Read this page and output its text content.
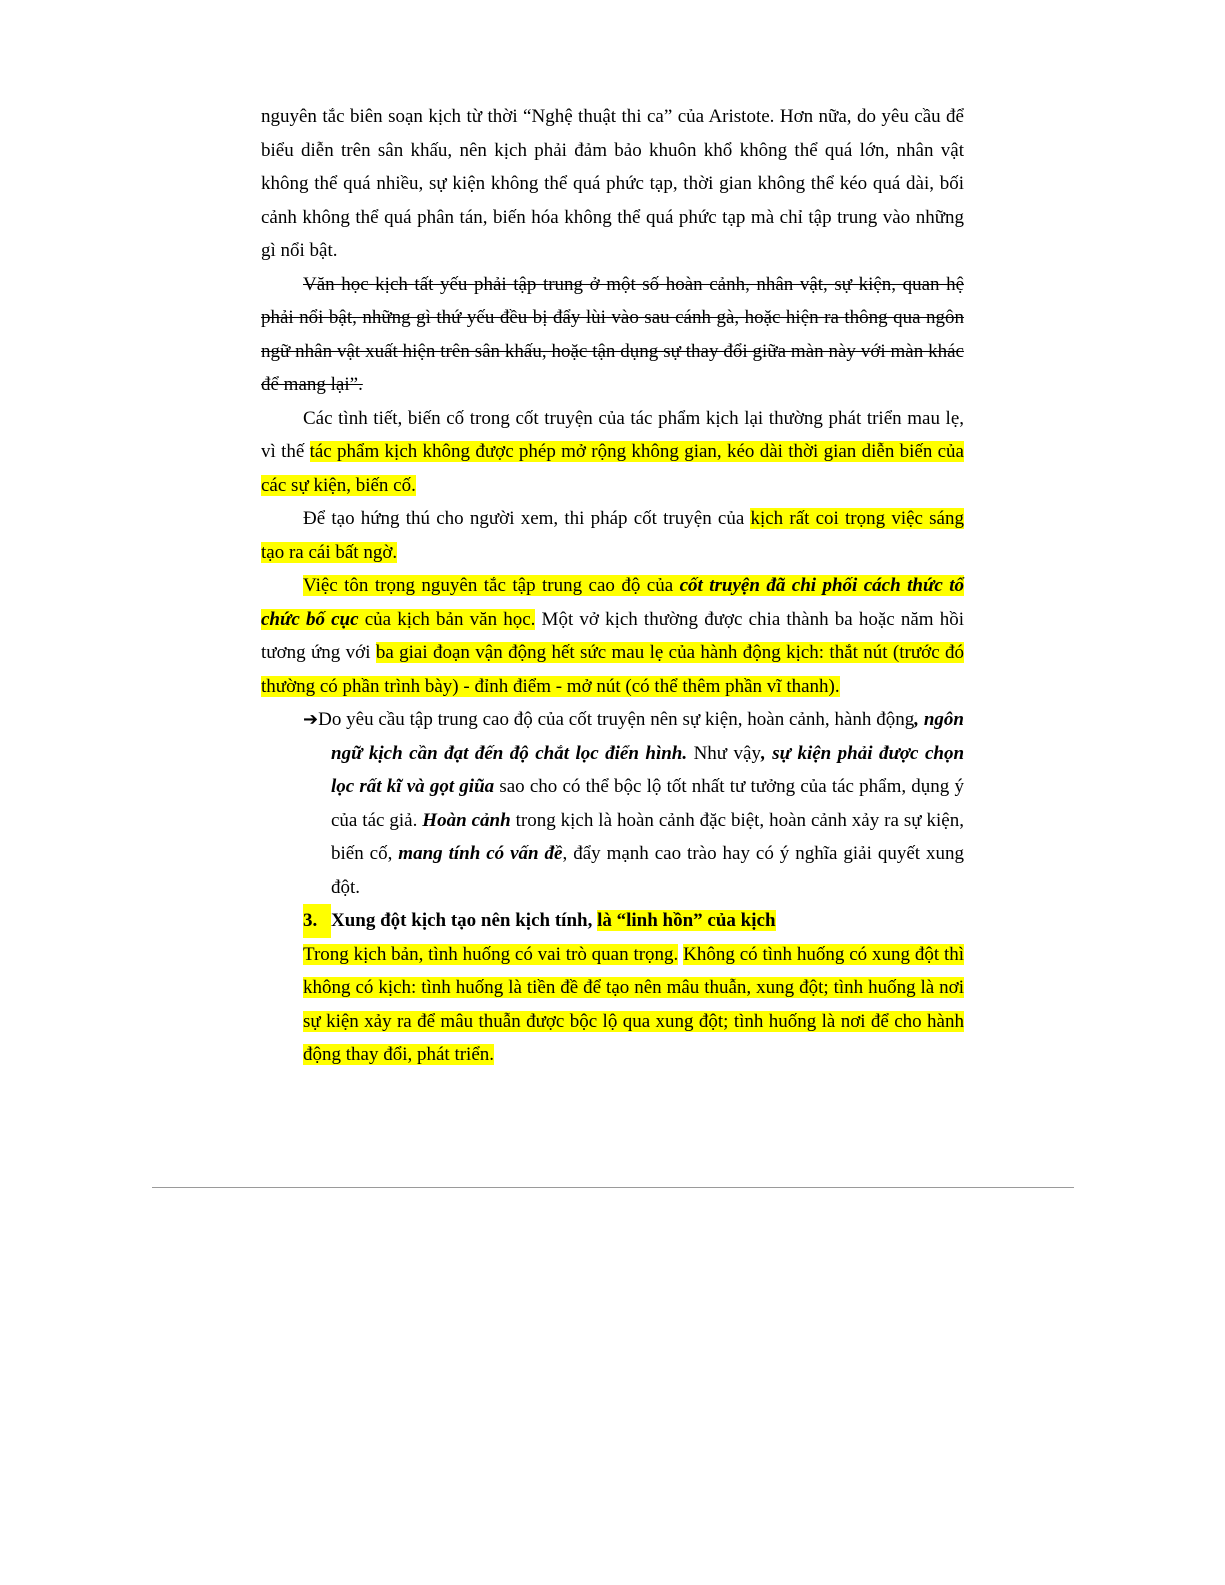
nguyên tắc biên soạn kịch từ thời “Nghệ thuật thi ca” của Aristote. Hơn nữa, do yêu cầu để biểu diễn trên sân khấu, nên kịch phải đảm bảo khuôn khổ không thể quá lớn, nhân vật không thể quá nhiều, sự kiện không thể quá phức tạp, thời gian không thể kéo quá dài, bối cảnh không thể quá phân tán, biến hóa không thể quá phức tạp mà chỉ tập trung vào những gì nổi bật.

Văn học kịch tất yếu phải tập trung ở một số hoàn cảnh, nhân vật, sự kiện, quan hệ phải nổi bật, những gì thứ yếu đều bị đẩy lùi vào sau cánh gà, hoặc hiện ra thông qua ngôn ngữ nhân vật xuất hiện trên sân khấu, hoặc tận dụng sự thay đổi giữa màn này với màn khác để mang lại”.

Các tình tiết, biến cố trong cốt truyện của tác phẩm kịch lại thường phát triển mau lẹ, vì thế tác phẩm kịch không được phép mở rộng không gian, kéo dài thời gian diễn biến của các sự kiện, biến cố.

Để tạo hứng thú cho người xem, thi pháp cốt truyện của kịch rất coi trọng việc sáng tạo ra cái bất ngờ.

Việc tôn trọng nguyên tắc tập trung cao độ của cốt truyện đã chi phối cách thức tổ chức bố cục của kịch bản văn học. Một vở kịch thường được chia thành ba hoặc năm hồi tương ứng với ba giai đoạn vận động hết sức mau lẹ của hành động kịch: thắt nút (trước đó thường có phần trình bày) - đỉnh điểm - mở nút (có thể thêm phần vĩ thanh).

➔Do yêu cầu tập trung cao độ của cốt truyện nên sự kiện, hoàn cảnh, hành động, ngôn ngữ kịch cần đạt đến độ chắt lọc điển hình. Như vậy, sự kiện phải được chọn lọc rất kĩ và gọt giũa sao cho có thể bộc lộ tốt nhất tư tưởng của tác phẩm, dụng ý của tác giả. Hoàn cảnh trong kịch là hoàn cảnh đặc biệt, hoàn cảnh xảy ra sự kiện, biến cố, mang tính có vấn đề, đẩy mạnh cao trào hay có ý nghĩa giải quyết xung đột.

3. Xung đột kịch tạo nên kịch tính, là “linh hồn” của kịch

Trong kịch bản, tình huống có vai trò quan trọng. Không có tình huống có xung đột thì không có kịch: tình huống là tiền đề để tạo nên mâu thuẫn, xung đột; tình huống là nơi sự kiện xảy ra để mâu thuẫn được bộc lộ qua xung đột; tình huống là nơi để cho hành động thay đổi, phát triển.
